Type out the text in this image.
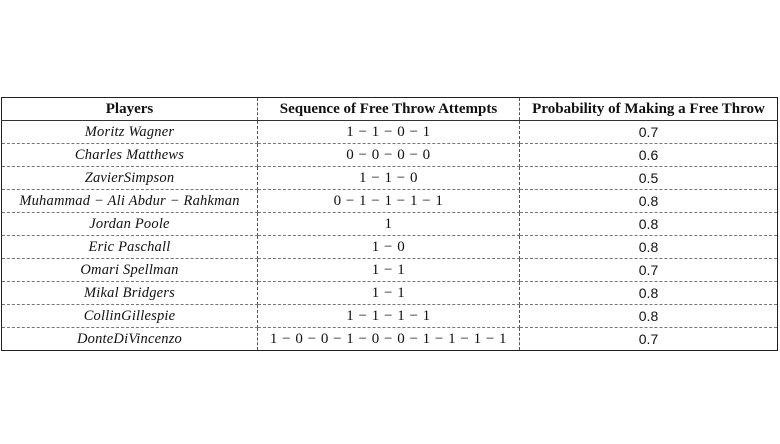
Players	Sequence of Free Throw Attempts	Probability of Making a Free Throw
Moritz Wagner	1 − 1 − 0 − 1	0.7
Charles Matthews	0 − 0 − 0 − 0	0.6
ZavierSimpson	1 − 1 − 0	0.5
Muhammad − Ali Abdur − Rahkman	0 − 1 − 1 − 1 − 1	0.8
Jordan Poole	1	0.8
Eric Paschall	1 − 0	0.8
Omari Spellman	1 − 1	0.7
Mikal Bridgers	1 − 1	0.8
CollinGillespie	1 − 1 − 1 − 1	0.8
DonteDiVincenzo	1 − 0 − 0 − 1 − 0 − 0 − 1 − 1 − 1 − 1	0.7
